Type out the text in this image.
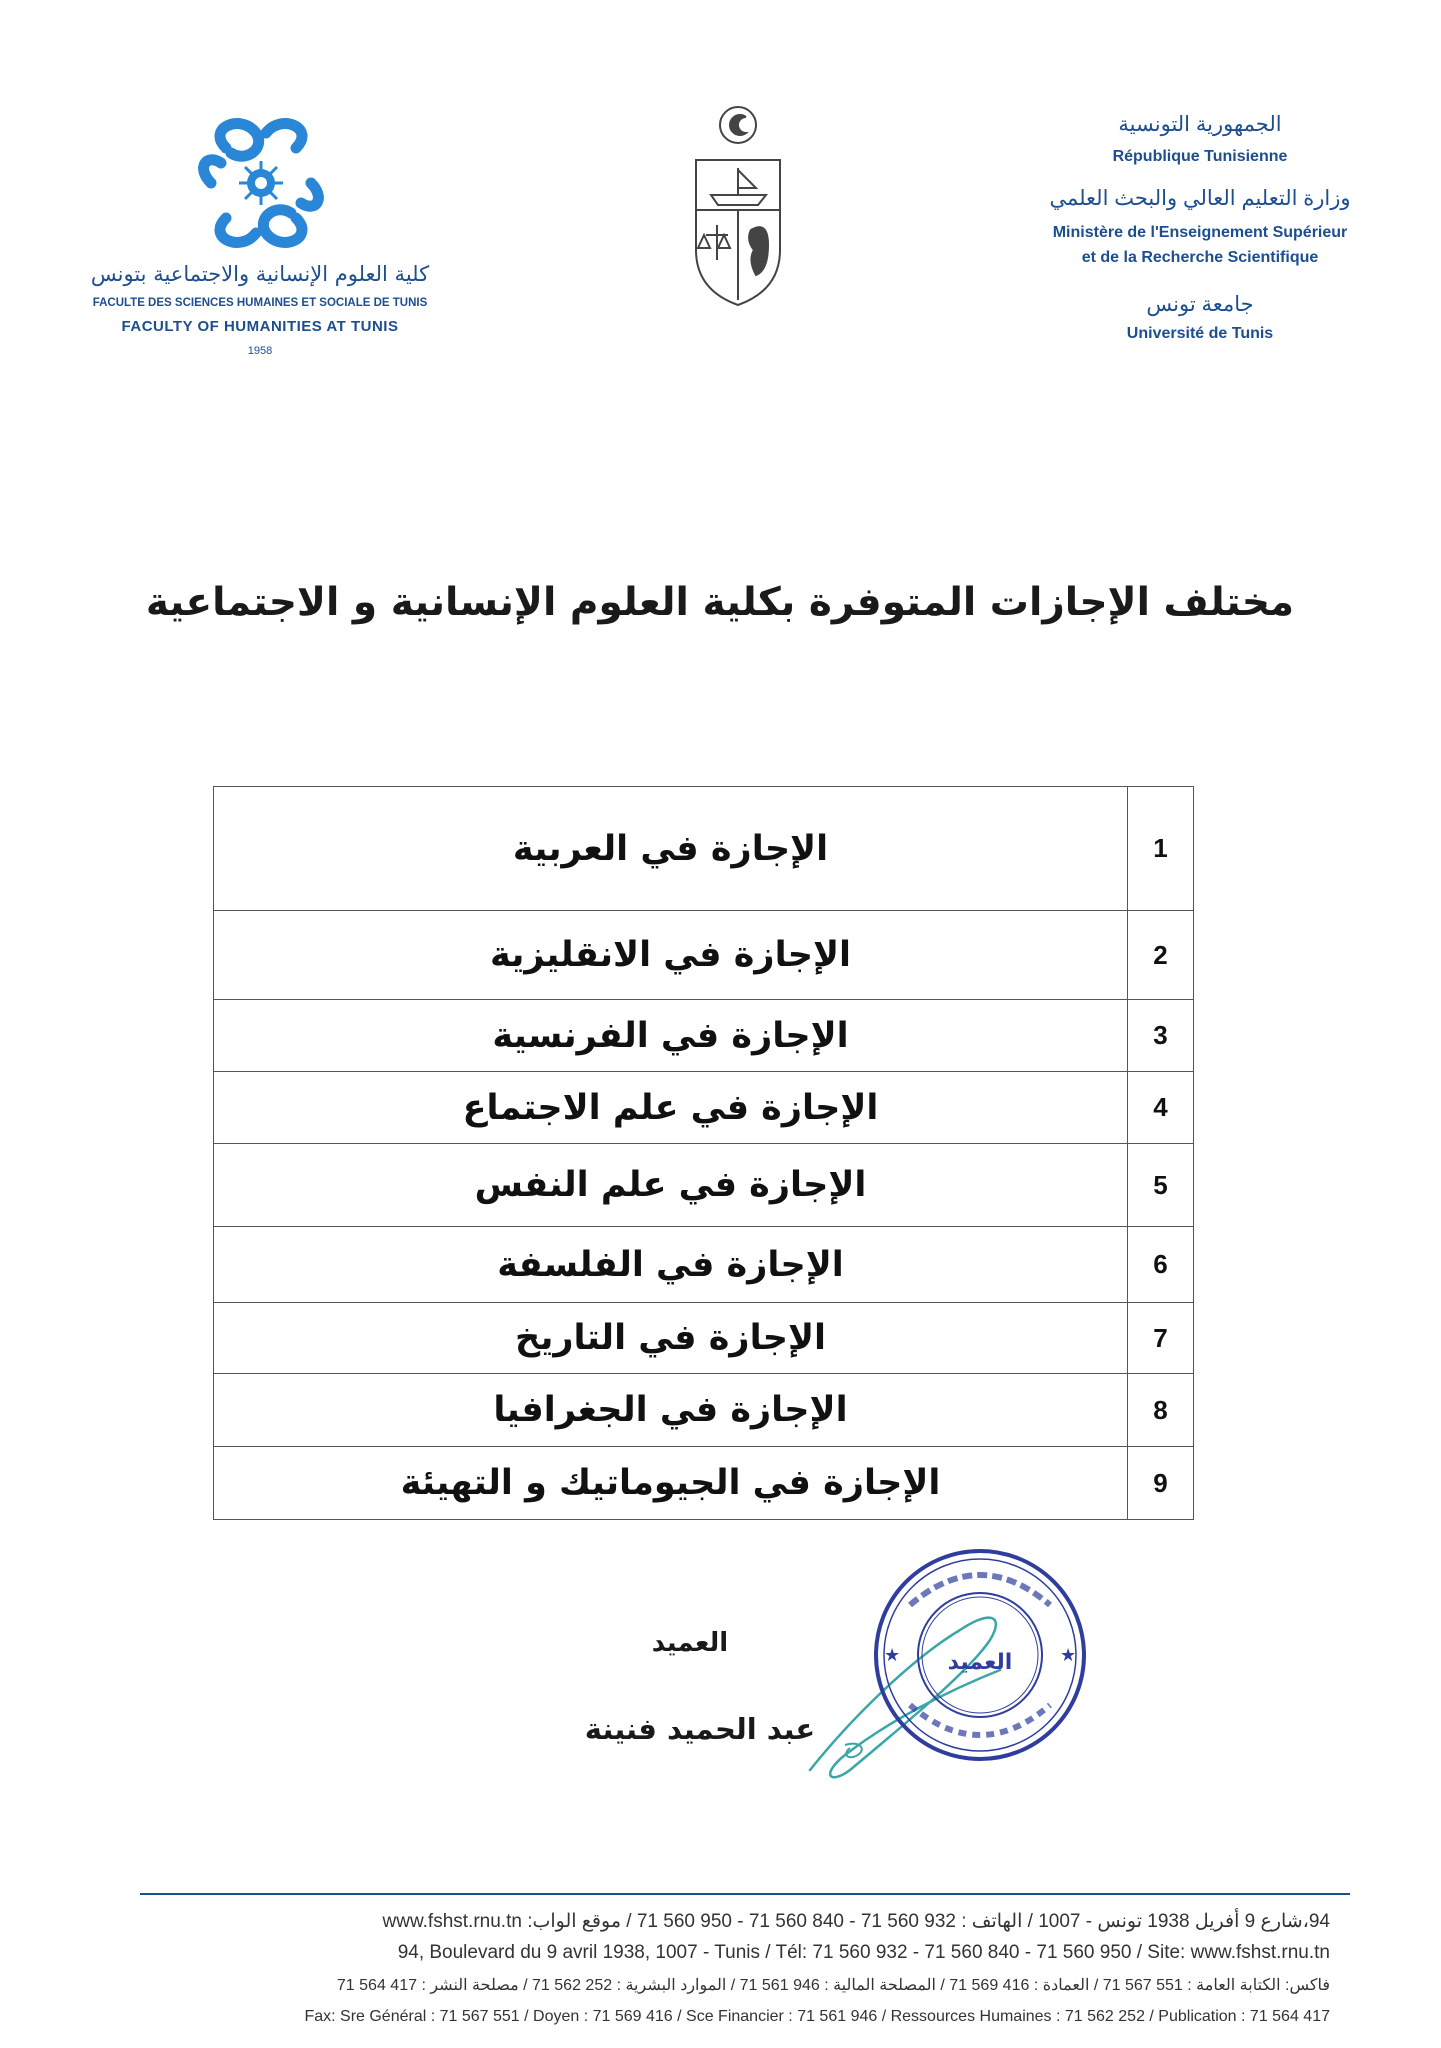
كلية العلوم الإنسانية والاجتماعية بتونس
FACULTE DES SCIENCES HUMAINES ET SOCIALE DE TUNIS
FACULTY OF HUMANITIES AT TUNIS
1958
الجمهورية التونسية
République Tunisienne
وزارة التعليم العالي والبحث العلمي
Ministère de l'Enseignement Supérieur
et de la Recherche Scientifique
جامعة تونس
Université de Tunis
مختلف الإجازات المتوفرة بكلية العلوم الإنسانية و الاجتماعية
الإجازة في العربية	1
الإجازة في الانقليزية	2
الإجازة في الفرنسية	3
الإجازة في علم الاجتماع	4
الإجازة في علم النفس	5
الإجازة في الفلسفة	6
الإجازة في التاريخ	7
الإجازة في الجغرافيا	8
الإجازة في الجيوماتيك و التهيئة	9
العميد
عبد الحميد فنينة
★	★
العميد
94،شارع 9 أفريل 1938 تونس - 1007 / الهاتف : 932 560 71 - 840 560 71 - 950 560 71 / موقع الواب: www.fshst.rnu.tn
94, Boulevard du 9 avril 1938, 1007 - Tunis / Tél: 71 560 932 - 71 560 840 - 71 560 950 / Site: www.fshst.rnu.tn
فاكس: الكتابة العامة : 551 567 71 / العمادة : 416 569 71 / المصلحة المالية : 946 561 71 / الموارد البشرية : 252 562 71 / مصلحة النشر : 417 564 71
Fax: Sre Général : 71 567 551 / Doyen : 71 569 416 / Sce Financier : 71 561 946 / Ressources Humaines : 71 562 252 / Publication : 71 564 417
